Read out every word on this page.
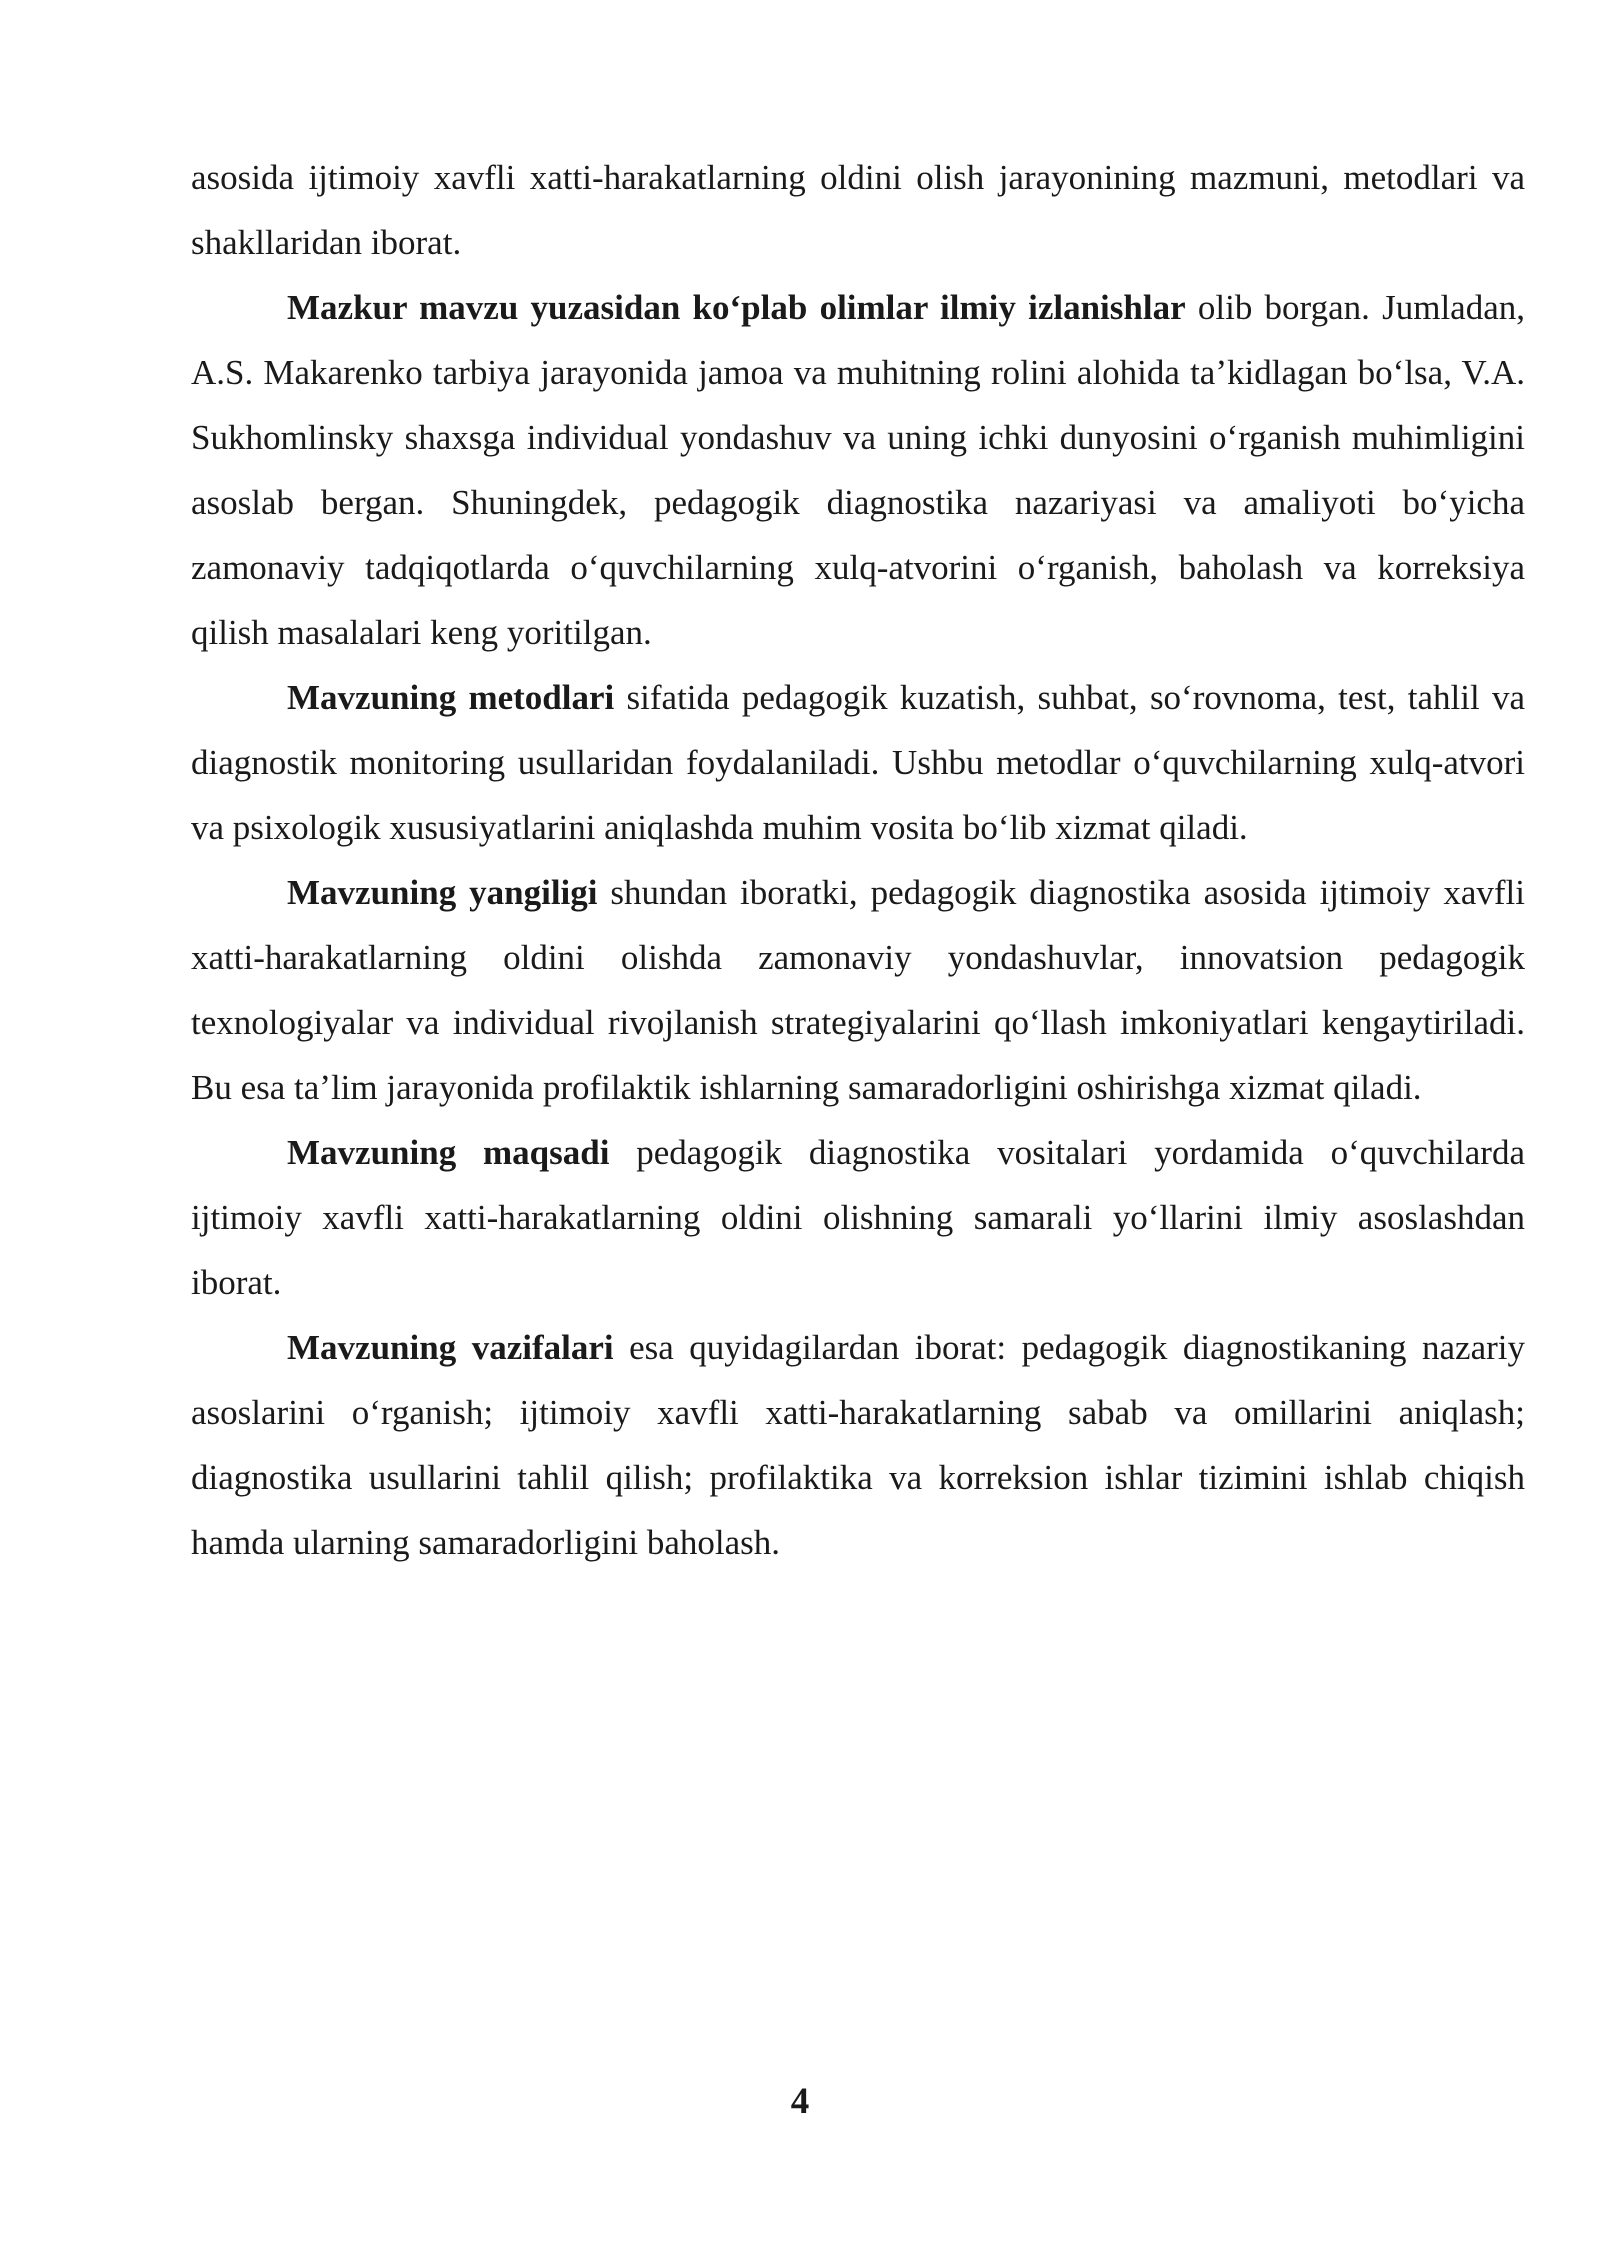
asosida ijtimoiy xavfli xatti-harakatlarning oldini olish jarayonining mazmuni, metodlari va shakllaridan iborat.

Mazkur mavzu yuzasidan koʻplab olimlar ilmiy izlanishlar olib borgan. Jumladan, A.S. Makarenko tarbiya jarayonida jamoa va muhitning rolini alohida taʼkidlagan boʻlsa, V.A. Sukhomlinsky shaxsga individual yondashuv va uning ichki dunyosini oʻrganish muhimligini asoslab bergan. Shuningdek, pedagogik diagnostika nazariyasi va amaliyoti boʻyicha zamonaviy tadqiqotlarda oʻquvchilarning xulq-atvorini oʻrganish, baholash va korreksiya qilish masalalari keng yoritilgan.

Mavzuning metodlari sifatida pedagogik kuzatish, suhbat, soʻrovnoma, test, tahlil va diagnostik monitoring usullaridan foydalaniladi. Ushbu metodlar oʻquvchilarning xulq-atvori va psixologik xususiyatlarini aniqlashda muhim vosita boʻlib xizmat qiladi.

Mavzuning yangiligi shundan iboratki, pedagogik diagnostika asosida ijtimoiy xavfli xatti-harakatlarning oldini olishda zamonaviy yondashuvlar, innovatsion pedagogik texnologiyalar va individual rivojlanish strategiyalarini qoʻllash imkoniyatlari kengaytiriladi. Bu esa taʼlim jarayonida profilaktik ishlarning samaradorligini oshirishga xizmat qiladi.

Mavzuning maqsadi pedagogik diagnostika vositalari yordamida oʻquvchilarda ijtimoiy xavfli xatti-harakatlarning oldini olishning samarali yoʻllarini ilmiy asoslashdan iborat.

Mavzuning vazifalari esa quyidagilardan iborat: pedagogik diagnostikaning nazariy asoslarini oʻrganish; ijtimoiy xavfli xatti-harakatlarning sabab va omillarini aniqlash; diagnostika usullarini tahlil qilish; profilaktika va korreksion ishlar tizimini ishlab chiqish hamda ularning samaradorligini baholash.

4
